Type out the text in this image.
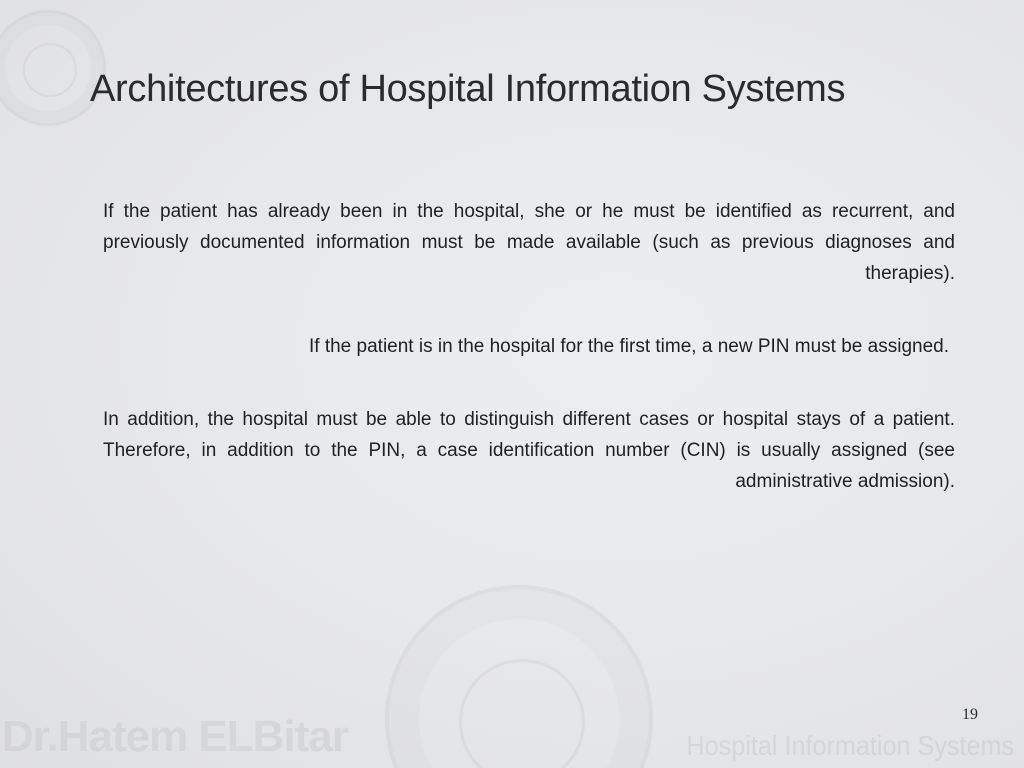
Dr.Hatem ELBitar	Hospital Information Systems
Architectures of Hospital Information Systems

If the patient has already been in the hospital, she or he must be identified as recurrent, and previously documented information must be made available (such as previous diagnoses and therapies).

If the patient is in the hospital for the first time, a new PIN must be assigned.

In addition, the hospital must be able to distinguish different cases or hospital stays of a patient. Therefore, in addition to the PIN, a case identification number (CIN) is usually assigned (see administrative admission).

19
